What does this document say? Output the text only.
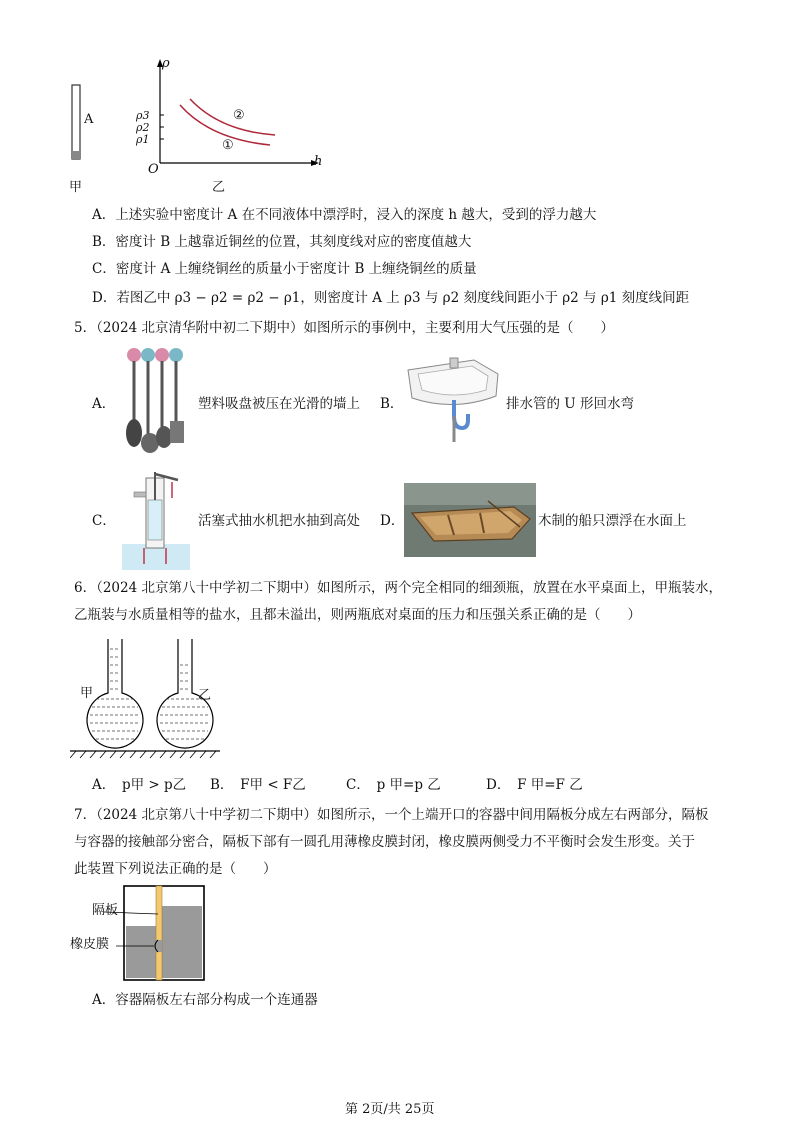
A
甲	乙
ρ
h
O
ρ3
ρ2
ρ1
②
①
A．上述实验中密度计 A 在不同液体中漂浮时，浸入的深度 h 越大，受到的浮力越大
B．密度计 B 上越靠近铜丝的位置，其刻度线对应的密度值越大
C．密度计 A 上缠绕铜丝的质量小于密度计 B 上缠绕铜丝的质量
D．若图乙中 ρ3 − ρ2 = ρ2 − ρ1，则密度计 A 上 ρ3 与 ρ2 刻度线间距小于 ρ2 与 ρ1 刻度线间距
5．（2024 北京清华附中初二下期中）如图所示的事例中，主要利用大气压强的是（　　）
A．	塑料吸盘被压在光滑的墙上 B．	排水管的 U 形回水弯
C．	活塞式抽水机把水抽到高处 D．	木制的船只漂浮在水面上
6．（2024 北京第八十中学初二下期中）如图所示，两个完全相同的细颈瓶，放置在水平桌面上，甲瓶装水，
乙瓶装与水质量相等的盐水，且都未溢出，则两瓶底对桌面的压力和压强关系正确的是（　　）
甲	乙
A．　p甲 > p乙 B．　F甲 < F乙	C．　p 甲=p 乙	D．　F 甲=F 乙
7．（2024 北京第八十中学初二下期中）如图所示，一个上端开口的容器中间用隔板分成左右两部分，隔板
与容器的接触部分密合，隔板下部有一圆孔用薄橡皮膜封闭，橡皮膜两侧受力不平衡时会发生形变。关于
此装置下列说法正确的是（　　）
隔板
橡皮膜
A．容器隔板左右部分构成一个连通器
第 2页/共 25页
